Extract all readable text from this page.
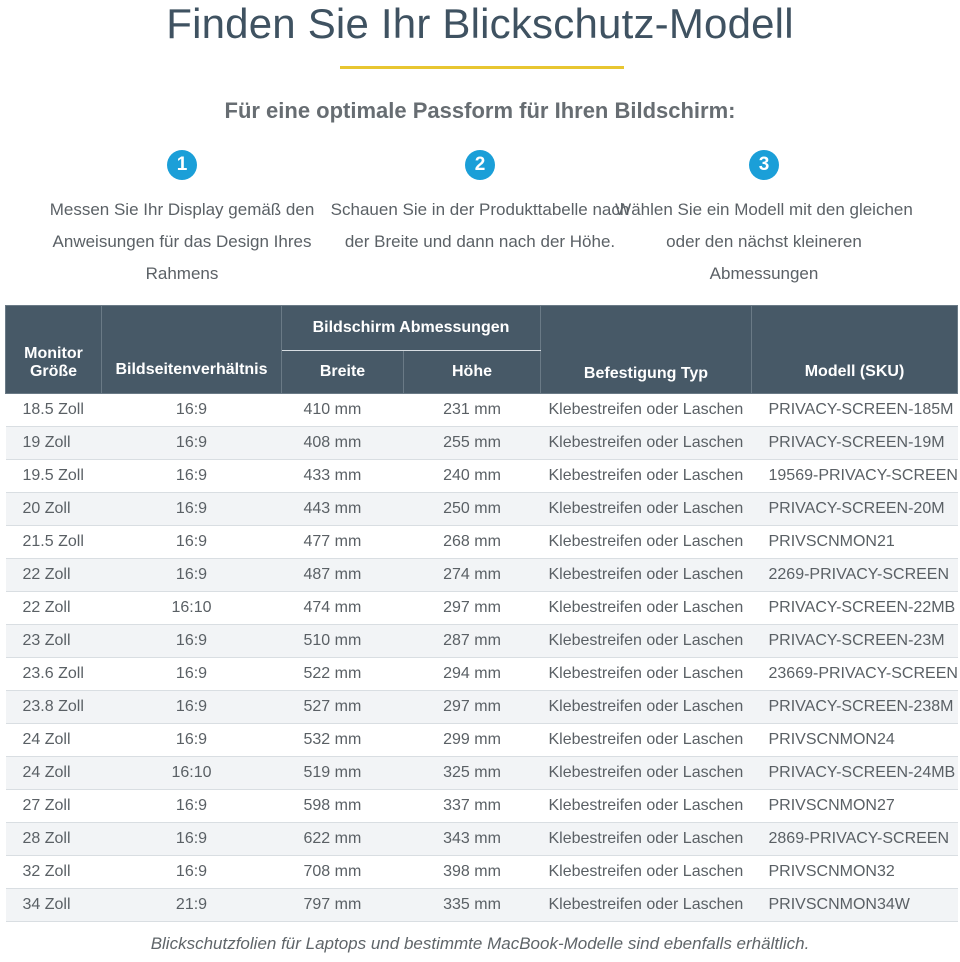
Finden Sie Ihr Blickschutz-Modell
Für eine optimale Passform für Ihren Bildschirm:
1
Messen Sie Ihr Display gemäß den Anweisungen für das Design Ihres Rahmens
2
Schauen Sie in der Produkttabelle nach der Breite und dann nach der Höhe.
3
Wählen Sie ein Modell mit den gleichen oder den nächst kleineren Abmessungen
Monitor Größe	Bildseitenverhältnis	Bildschirm Abmessungen		Befestigung Typ	Modell (SKU)
		Breite	Höhe		
18.5 Zoll	16:9	410 mm	231 mm	Klebestreifen oder Laschen	PRIVACY-SCREEN-185M
19 Zoll	16:9	408 mm	255 mm	Klebestreifen oder Laschen	PRIVACY-SCREEN-19M
19.5 Zoll	16:9	433 mm	240 mm	Klebestreifen oder Laschen	19569-PRIVACY-SCREEN
20 Zoll	16:9	443 mm	250 mm	Klebestreifen oder Laschen	PRIVACY-SCREEN-20M
21.5 Zoll	16:9	477 mm	268 mm	Klebestreifen oder Laschen	PRIVSCNMON21
22 Zoll	16:9	487 mm	274 mm	Klebestreifen oder Laschen	2269-PRIVACY-SCREEN
22 Zoll	16:10	474 mm	297 mm	Klebestreifen oder Laschen	PRIVACY-SCREEN-22MB
23 Zoll	16:9	510 mm	287 mm	Klebestreifen oder Laschen	PRIVACY-SCREEN-23M
23.6 Zoll	16:9	522 mm	294 mm	Klebestreifen oder Laschen	23669-PRIVACY-SCREEN
23.8 Zoll	16:9	527 mm	297 mm	Klebestreifen oder Laschen	PRIVACY-SCREEN-238M
24 Zoll	16:9	532 mm	299 mm	Klebestreifen oder Laschen	PRIVSCNMON24
24 Zoll	16:10	519 mm	325 mm	Klebestreifen oder Laschen	PRIVACY-SCREEN-24MB
27 Zoll	16:9	598 mm	337 mm	Klebestreifen oder Laschen	PRIVSCNMON27
28 Zoll	16:9	622 mm	343 mm	Klebestreifen oder Laschen	2869-PRIVACY-SCREEN
32 Zoll	16:9	708 mm	398 mm	Klebestreifen oder Laschen	PRIVSCNMON32
34 Zoll	21:9	797 mm	335 mm	Klebestreifen oder Laschen	PRIVSCNMON34W
Blickschutzfolien für Laptops und bestimmte MacBook-Modelle sind ebenfalls erhältlich.
